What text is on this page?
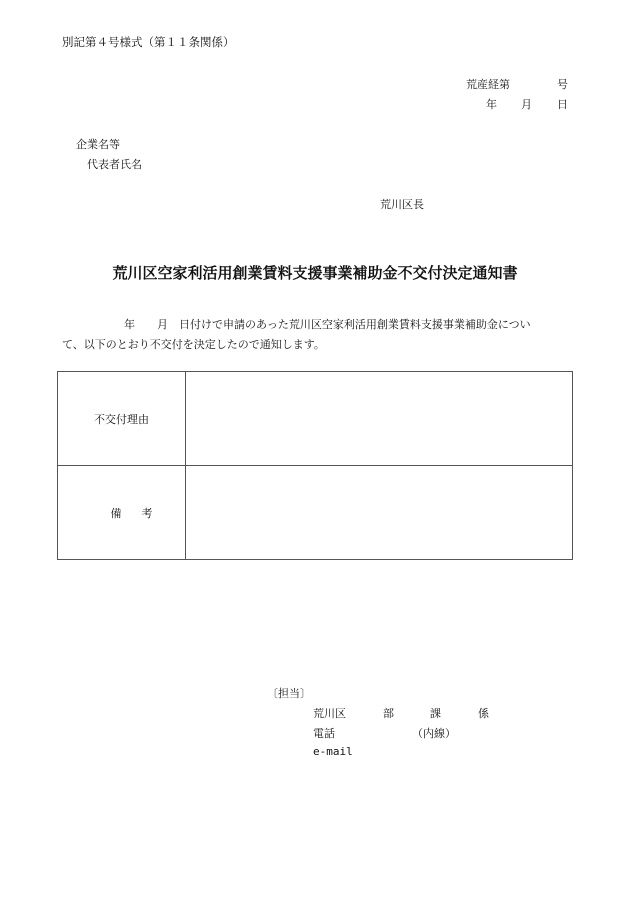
別記第４号様式（第１１条関係）
荒産経第	号
年 月 日
企業名等
代表者氏名
荒川区長
荒川区空家利活用創業賃料支援事業補助金不交付決定通知書
年 月 日付けで申請のあった荒川区空家利活用創業賃料支援事業補助金につい
て、以下のとおり不交付を決定したので通知します。
不交付理由	
備 考	

〔担当〕
荒川区	部	課	係
電話	（内線）
e-mail
